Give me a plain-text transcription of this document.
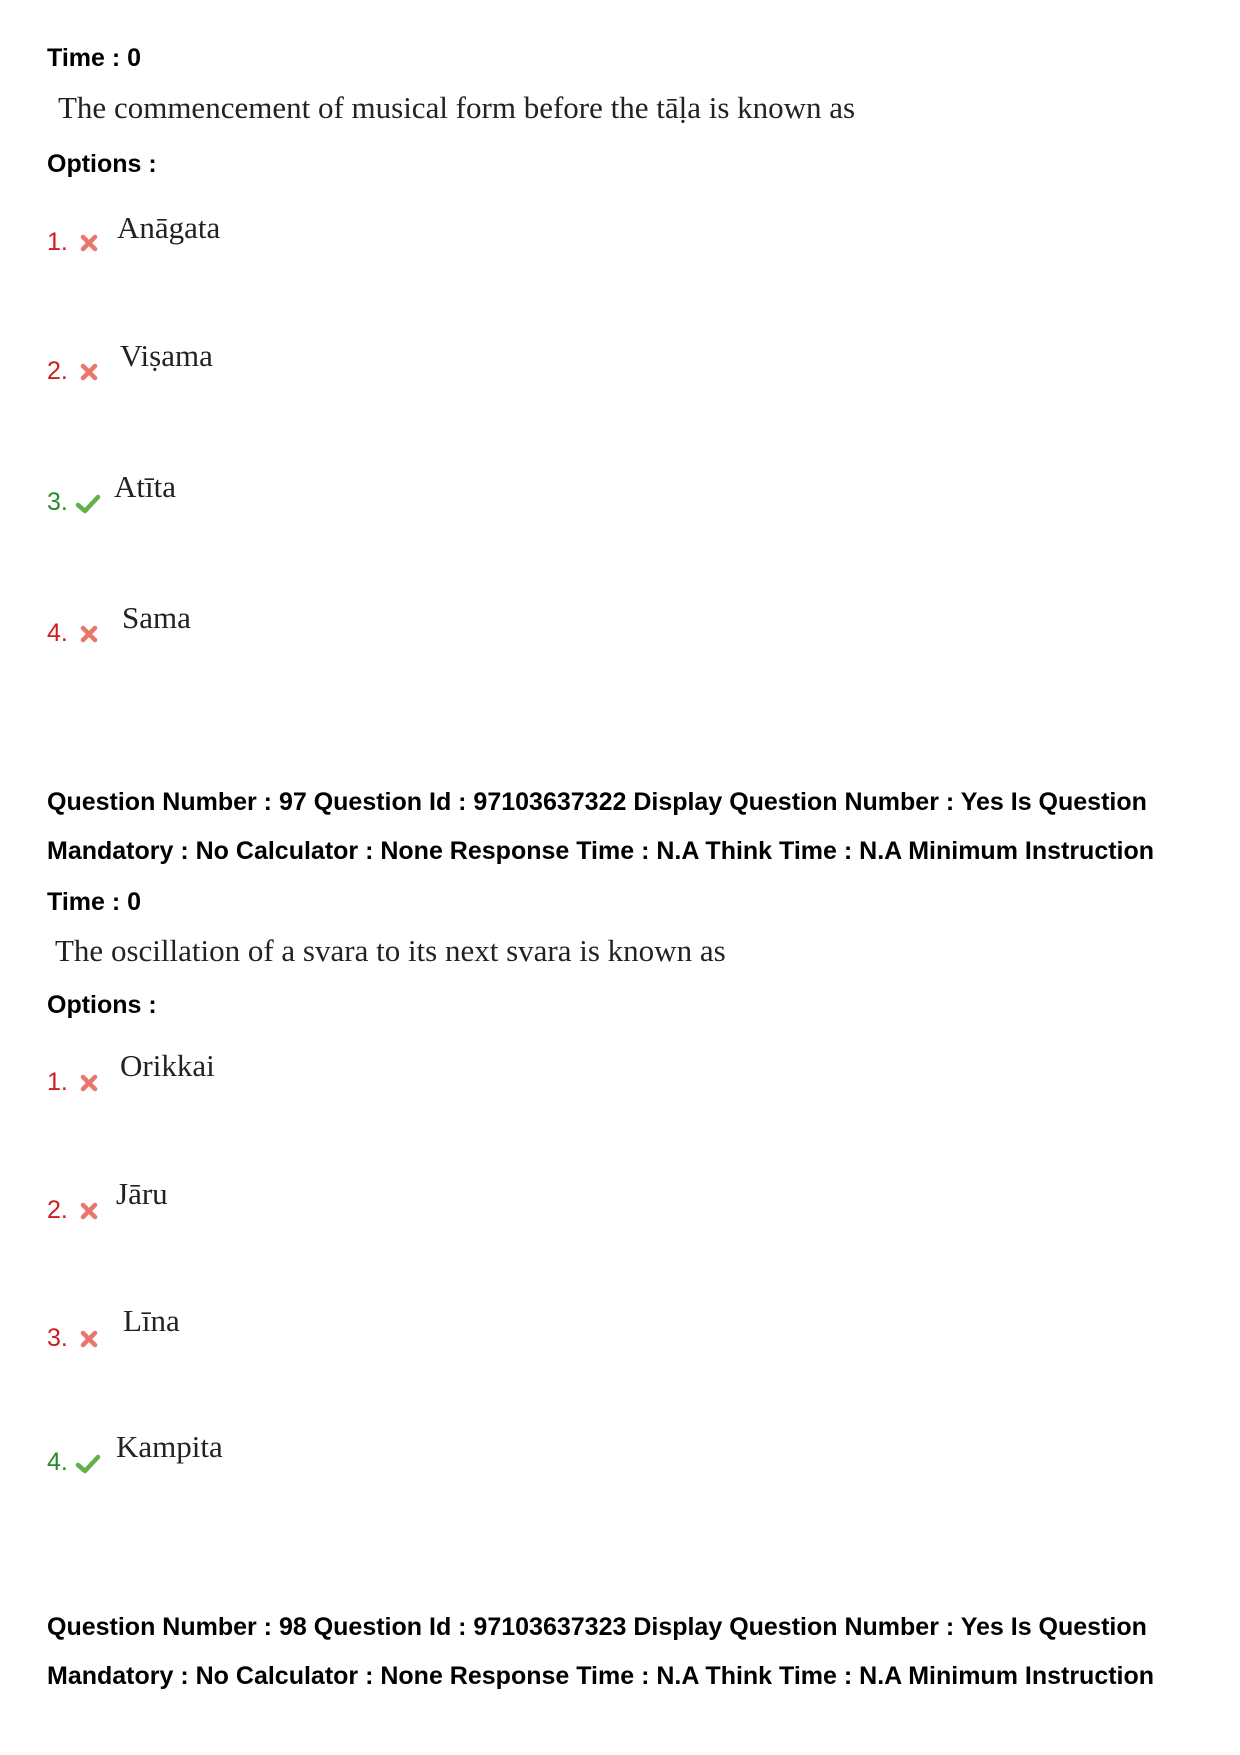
Time : 0
The commencement of musical form before the tāḷa is known as
Options :
1. Anāgata
2. Viṣama
3. Atīta
4. Sama
Question Number : 97 Question Id : 97103637322 Display Question Number : Yes Is Question
Mandatory : No Calculator : None Response Time : N.A Think Time : N.A Minimum Instruction
Time : 0
The oscillation of a svara to its next svara is known as
Options :
1. Orikkai
2. Jāru
3. Līna
4. Kampita
Question Number : 98 Question Id : 97103637323 Display Question Number : Yes Is Question
Mandatory : No Calculator : None Response Time : N.A Think Time : N.A Minimum Instruction
